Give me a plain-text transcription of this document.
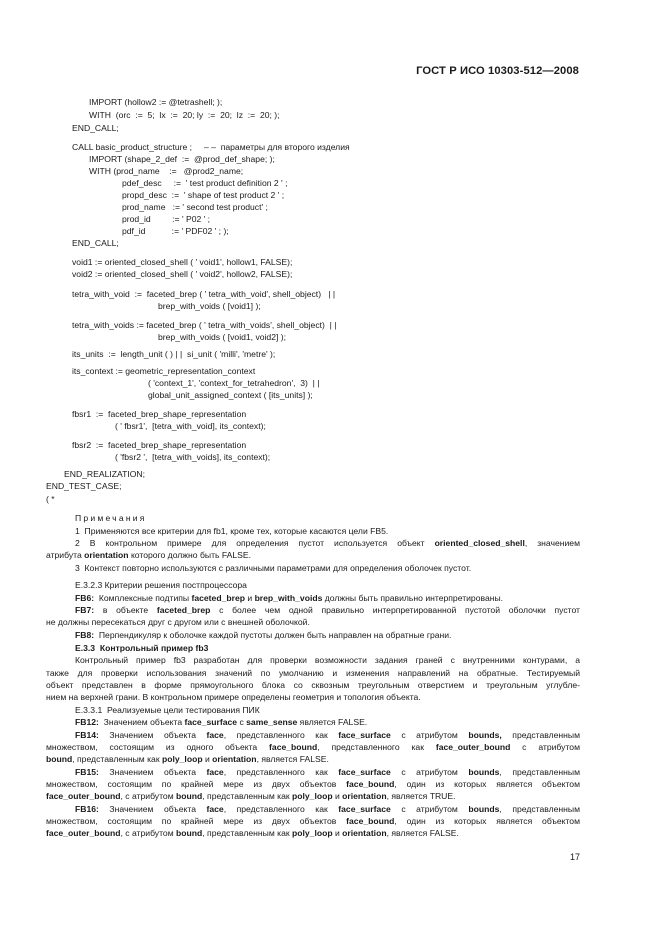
ГОСТ Р ИСО 10303-512—2008
IMPORT (hollow2 := @tetrashell; );
WITH  (orc  :=  5;  lx  :=  20; ly  :=  20;  lz  :=  20; );
END_CALL;
CALL basic_product_structure ;     – –  параметры для второго изделия
IMPORT (shape_2_def  :=  @prod_def_shape; );
WITH (prod_name    :=   @prod2_name;
pdef_desc     :=  ' test product definition 2 ' ;
propd_desc  :=  ' shape of test product 2 ' ;
prod_name   := ' second test product' ;
prod_id         := ' P02 ' ;
pdf_id           := ' PDF02 ' ; );
END_CALL;
void1 := oriented_closed_shell ( ' void1', hollow1, FALSE);
void2 := oriented_closed_shell ( ' void2', hollow2, FALSE);
tetra_with_void  :=  faceted_brep ( ' tetra_with_void', shell_object)   | |
brep_with_voids ( [void1] );
tetra_with_voids := faceted_brep ( ' tetra_with_voids', shell_object)  | |
brep_with_voids ( [void1, void2] );
its_units  :=  length_unit ( ) | |  si_unit ( 'milli', 'metre' );
its_context := geometric_representation_context
( 'context_1', 'context_for_tetrahedron',  3)  | |
global_unit_assigned_context ( [its_units] );
fbsr1  :=  faceted_brep_shape_representation
( ' fbsr1',  [tetra_with_void], its_context);
fbsr2  :=  faceted_brep_shape_representation
( 'fbsr2 ',  [tetra_with_voids], its_context);
END_REALIZATION;
END_TEST_CASE;
( *
Примечания
1  Применяются все критерии для fb1, кроме тех, которые касаются цели FB5.
2 В контрольном примере для определения пустот используется объект oriented_closed_shell, значением
атрибута orientation которого должно быть FALSE.
3  Контекст повторно используются с различными параметрами для определения оболочек пустот.
Е.3.2.3 Критерии решения постпроцессора
FB6:  Комплексные подтипы faceted_brep и brep_with_voids должны быть правильно интерпретированы.
FB7: в объекте faceted_brep с более чем одной правильно интерпретированной пустотой оболочки пустот
не должны пересекаться друг с другом или с внешней оболочкой.
FB8:  Перпендикуляр к оболочке каждой пустоты должен быть направлен на обратные грани.
Е.3.3  Контрольный пример fb3
Контрольный пример fb3 разработан для проверки возможности задания граней с внутренними контурами, а
также для проверки использования значений по умолчанию и изменения направлений на обратные. Тестируемый
объект представлен в форме прямоугольного блока со сквозным треугольным отверстием и треугольным углубле-
нием на верхней грани. В контрольном примере определены геометрия и топология объекта.
Е.3.3.1  Реализуемые цели тестирования ПИК
FB12:  Значением объекта face_surface с same_sense является FALSE.
FB14: Значением объекта face, представленного как face_surface с атрибутом bounds, представленным
множеством, состоящим из одного объекта face_bound, представленного как face_outer_bound с атрибутом
bound, представленным как poly_loop и orientation, является FALSE.
FB15: Значением объекта face, представленного как face_surface с атрибутом bounds, представленным
множеством, состоящим по крайней мере из двух объектов face_bound, один из которых является объектом
face_outer_bound, с атрибутом bound, представленным как poly_loop и orientation, является TRUE.
FB16: Значением объекта face, представленного как face_surface с атрибутом bounds, представленным
множеством, состоящим по крайней мере из двух объектов face_bound, один из которых является объектом
face_outer_bound, с атрибутом bound, представленным как poly_loop и orientation, является FALSE.
17
